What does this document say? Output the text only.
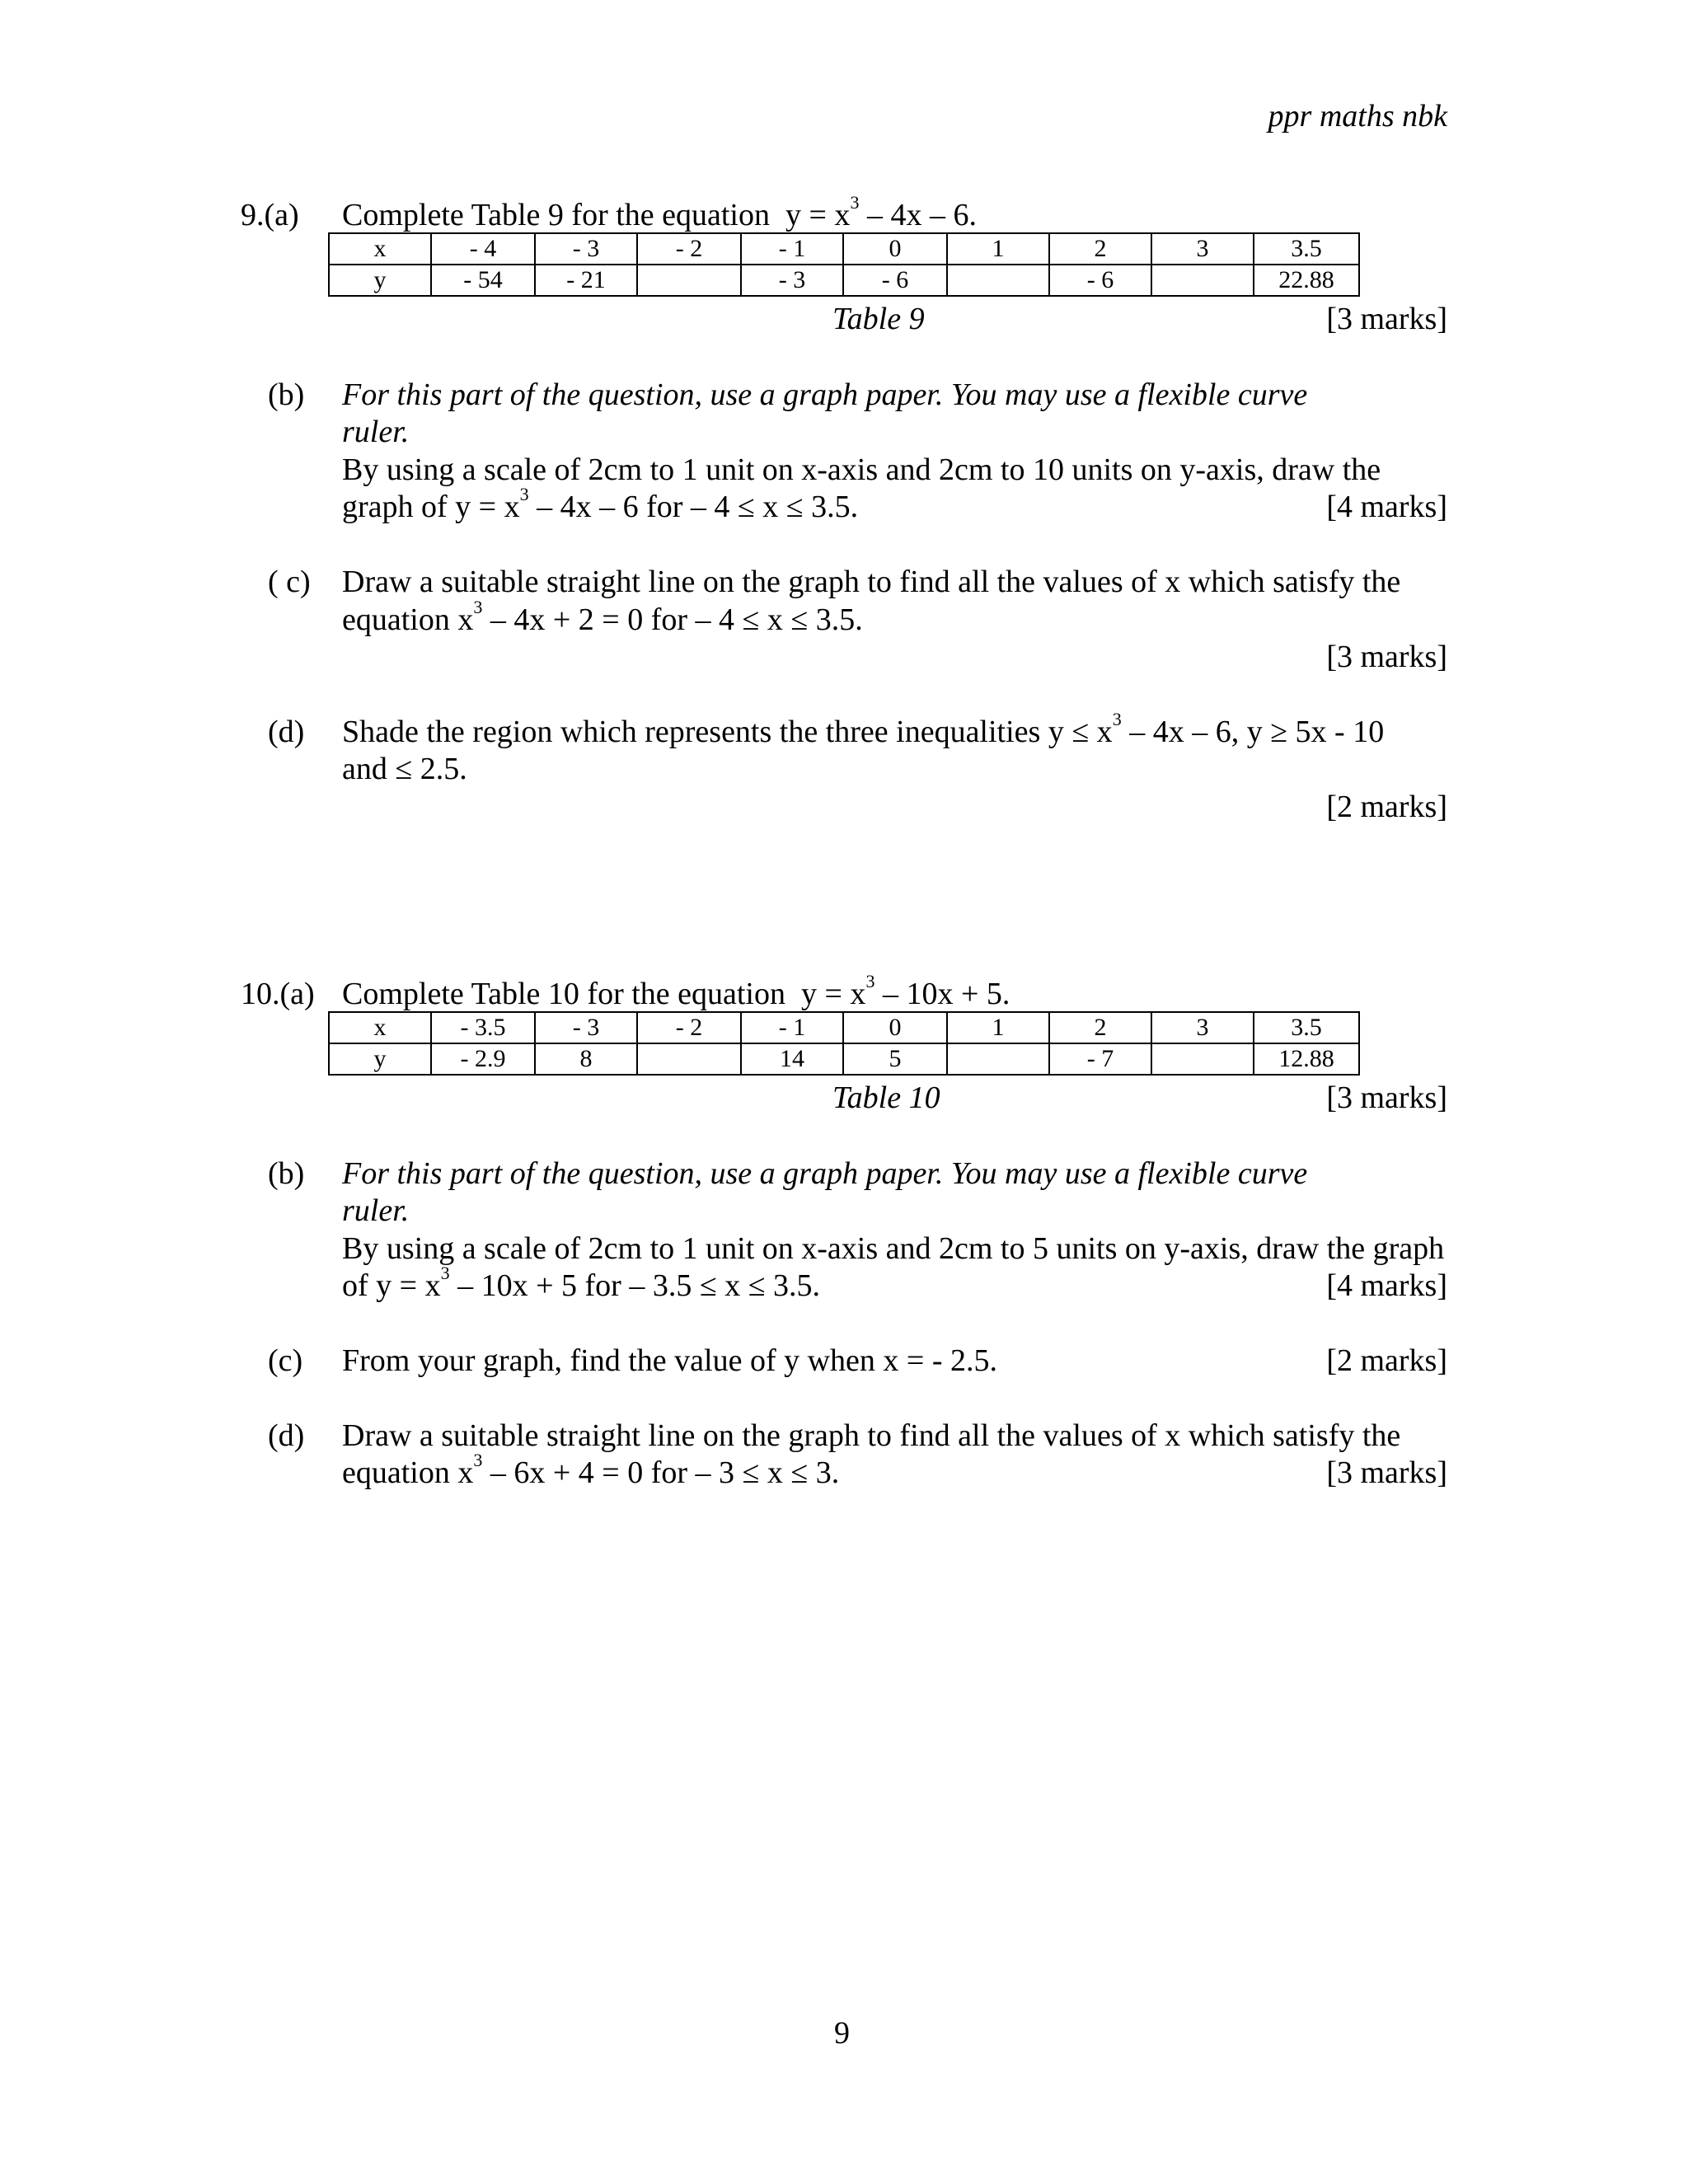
ppr maths nbk
9.(a) Complete Table 9 for the equation $y = x^3 - 4x - 6$.
x	- 4	- 3	- 2	- 1	0	1	2	3	3.5
y	- 54	- 21		- 3	- 6		- 6		22.88
Table 9	[3 marks]
(b) For this part of the question, use a graph paper. You may use a flexible curve
ruler.
By using a scale of 2cm to 1 unit on x-axis and 2cm to 10 units on y-axis, draw the
graph of $y = x^3 - 4x - 6$ for – 4 ≤ x ≤ 3.5.	[4 marks]
( c) Draw a suitable straight line on the graph to find all the values of x which satisfy the
equation $x^3 - 4x + 2 = 0$ for – 4 ≤ x ≤ 3.5.
[3 marks]
(d) Shade the region which represents the three inequalities $y \le x^3 - 4x - 6$, y ≥ 5x - 10
and ≤ 2.5.
[2 marks]
10.(a) Complete Table 10 for the equation $y = x^3 - 10x + 5$.
x	- 3.5	- 3	- 2	- 1	0	1	2	3	3.5
y	- 2.9	8		14	5		- 7		12.88
Table 10	[3 marks]
(b) For this part of the question, use a graph paper. You may use a flexible curve
ruler.
By using a scale of 2cm to 1 unit on x-axis and 2cm to 5 units on y-axis, draw the graph
of $y = x^3 - 10x + 5$ for – 3.5 ≤ x ≤ 3.5.	[4 marks]
(c) From your graph, find the value of y when x = - 2.5.	[2 marks]
(d) Draw a suitable straight line on the graph to find all the values of x which satisfy the
equation $x^3 - 6x + 4 = 0$ for – 3 ≤ x ≤ 3.	[3 marks]
9
